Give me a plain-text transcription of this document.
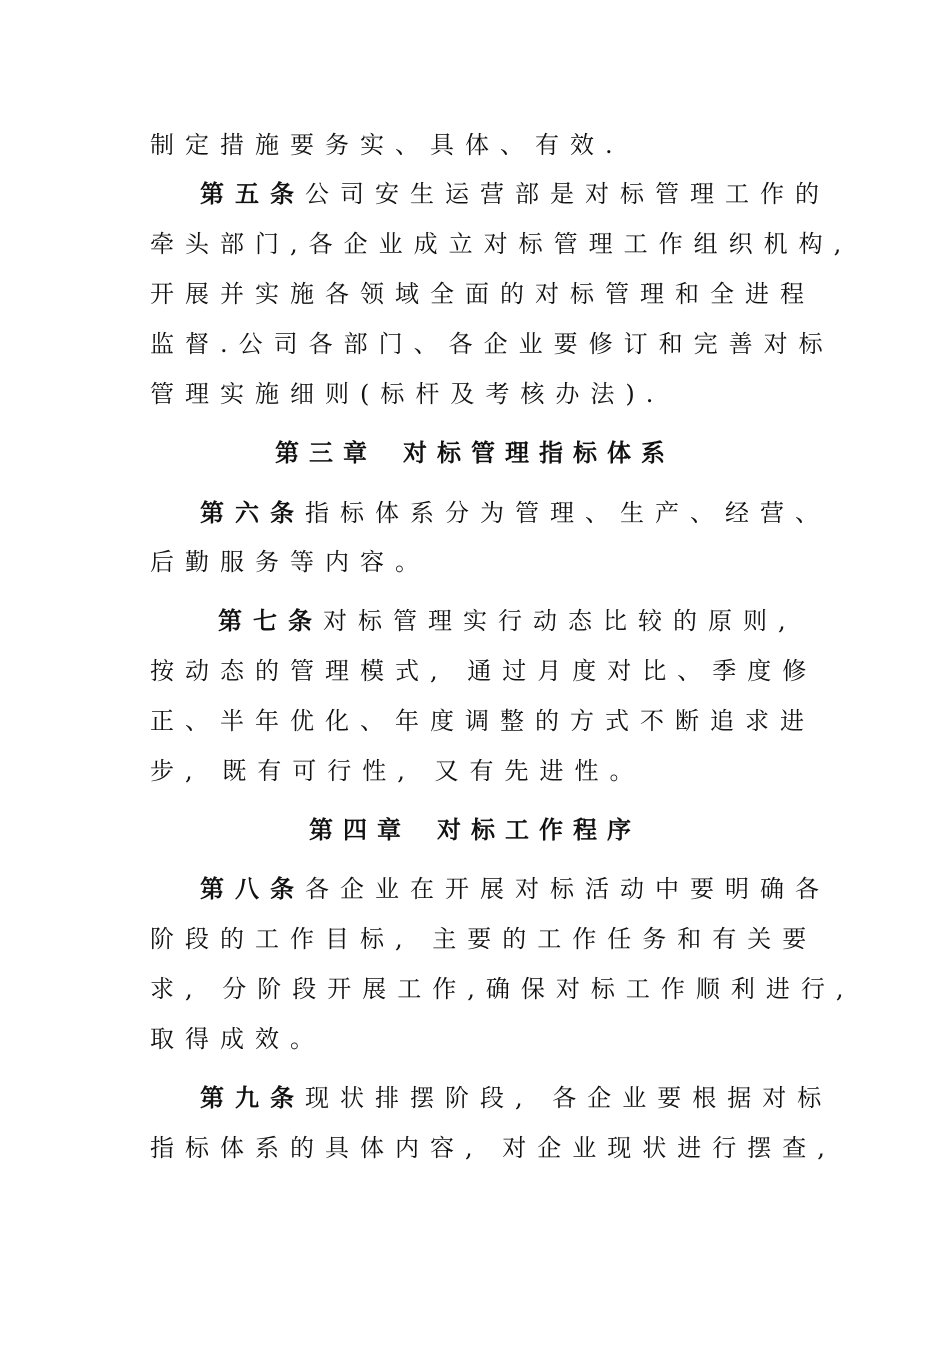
制定措施要务实、具体、有效.
第五条公司安生运营部是对标管理工作的
牵头部门,各企业成立对标管理工作组织机构,
开展并实施各领域全面的对标管理和全进程
监督.公司各部门、各企业要修订和完善对标
管理实施细则(标杆及考核办法).
第三章 对标管理指标体系
第六条指标体系分为管理、生产、经营、
后勤服务等内容。
第七条对标管理实行动态比较的原则,
按动态的管理模式, 通过月度对比、季度修
正、半年优化、年度调整的方式不断追求进
步, 既有可行性, 又有先进性。
第四章 对标工作程序
第八条各企业在开展对标活动中要明确各
阶段的工作目标, 主要的工作任务和有关要
求, 分阶段开展工作,确保对标工作顺利进行,
取得成效。
第九条现状排摆阶段, 各企业要根据对标
指标体系的具体内容, 对企业现状进行摆查,
